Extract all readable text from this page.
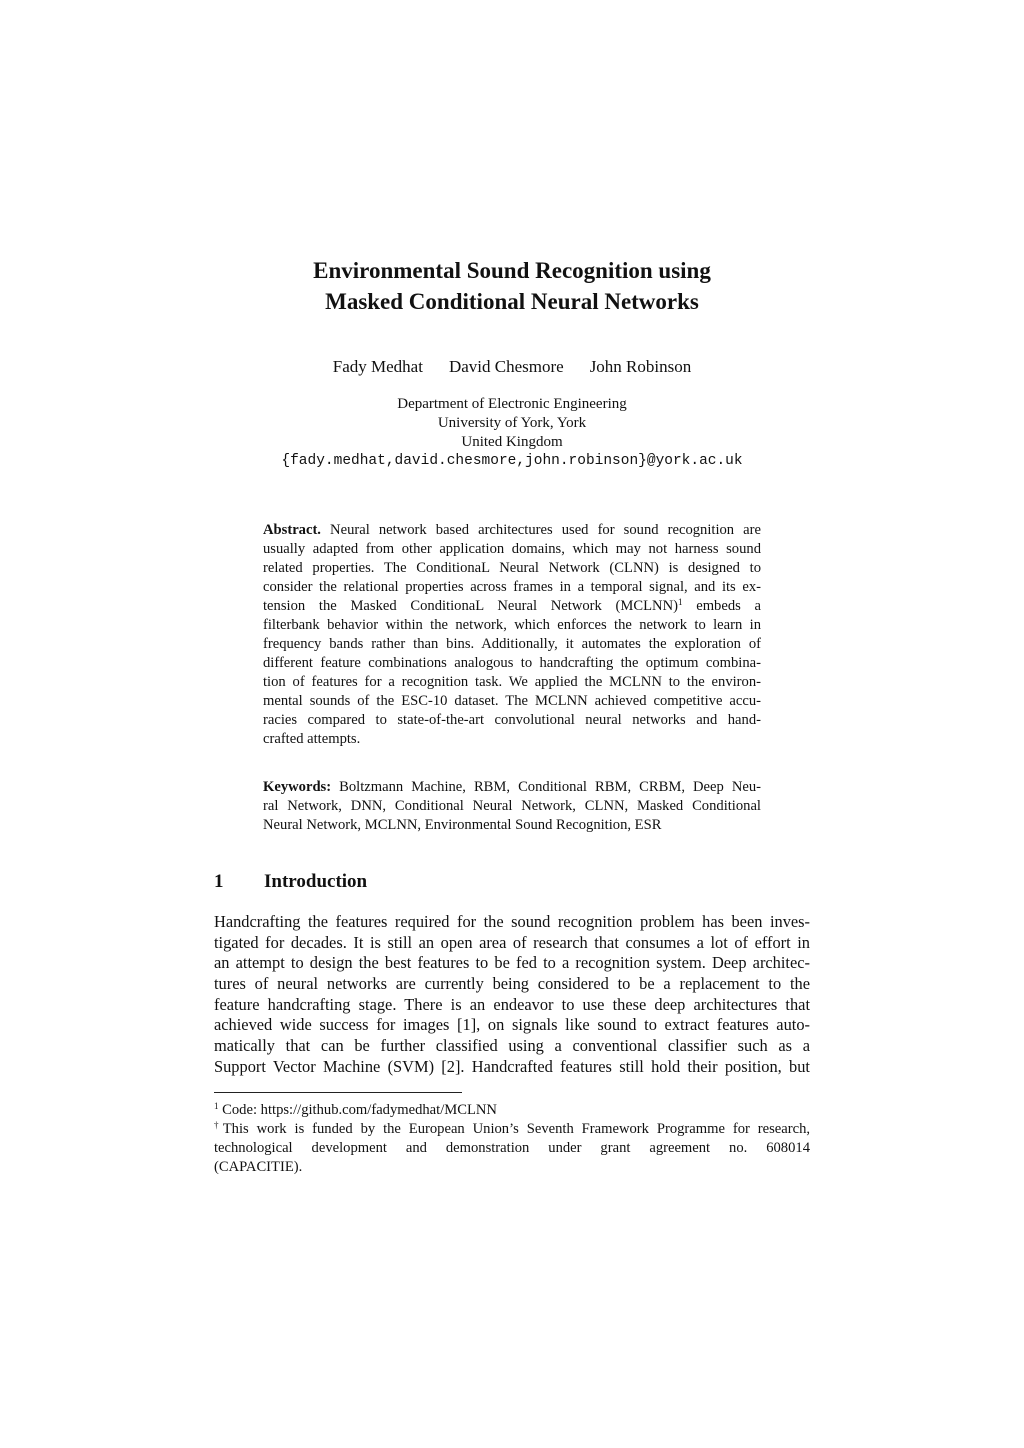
Environmental Sound Recognition using
Masked Conditional Neural Networks
Fady Medhat David Chesmore John Robinson
Department of Electronic Engineering
University of York, York
United Kingdom
{fady.medhat,david.chesmore,john.robinson}@york.ac.uk
Abstract. Neural network based architectures used for sound recognition are
usually adapted from other application domains, which may not harness sound
related properties. The ConditionaL Neural Network (CLNN) is designed to
consider the relational properties across frames in a temporal signal, and its ex-
tension the Masked ConditionaL Neural Network (MCLNN)$^1$ embeds a
filterbank behavior within the network, which enforces the network to learn in
frequency bands rather than bins. Additionally, it automates the exploration of
different feature combinations analogous to handcrafting the optimum combina-
tion of features for a recognition task. We applied the MCLNN to the environ-
mental sounds of the ESC-10 dataset. The MCLNN achieved competitive accu-
racies compared to state-of-the-art convolutional neural networks and hand-
crafted attempts.
Keywords: Boltzmann Machine, RBM, Conditional RBM, CRBM, Deep Neu-
ral Network, DNN, Conditional Neural Network, CLNN, Masked Conditional
Neural Network, MCLNN, Environmental Sound Recognition, ESR
1 Introduction
Handcrafting the features required for the sound recognition problem has been inves-
tigated for decades. It is still an open area of research that consumes a lot of effort in
an attempt to design the best features to be fed to a recognition system. Deep architec-
tures of neural networks are currently being considered to be a replacement to the
feature handcrafting stage. There is an endeavor to use these deep architectures that
achieved wide success for images [1], on signals like sound to extract features auto-
matically that can be further classified using a conventional classifier such as a
Support Vector Machine (SVM) [2]. Handcrafted features still hold their position, but
$^1$ Code: https://github.com/fadymedhat/MCLNN
†This work is funded by the European Union’s Seventh Framework Programme for research,
technological development and demonstration under grant agreement no. 608014
(CAPACITIE).
